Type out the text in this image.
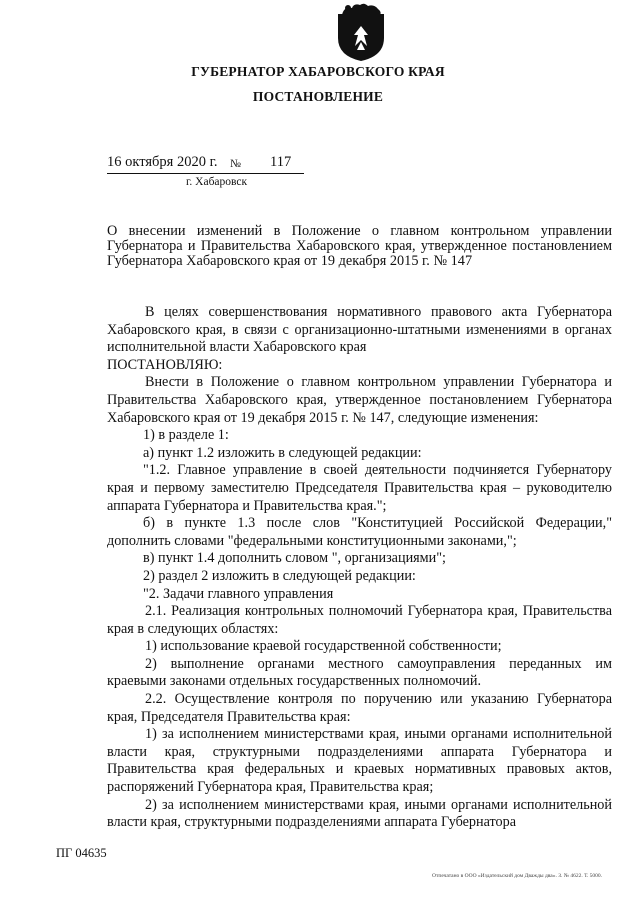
ГУБЕРНАТОР ХАБАРОВСКОГО КРАЯ
ПОСТАНОВЛЕНИЕ
16 октября 2020 г. № 117
г. Хабаровск
О внесении изменений в Положение о главном контрольном управлении Губернатора и Правительства Хабаровского края, утвержденное постановлением Губернатора Хабаровского края от 19 декабря 2015 г. № 147

В целях совершенствования нормативного правового акта Губернатора Хабаровского края, в связи с организационно-штатными изменениями в органах исполнительной власти Хабаровского края

ПОСТАНОВЛЯЮ:

Внести в Положение о главном контрольном управлении Губернатора и Правительства Хабаровского края, утвержденное постановлением Губернатора Хабаровского края от 19 декабря 2015 г. № 147, следующие изменения:

1) в разделе 1:

а) пункт 1.2 изложить в следующей редакции:

"1.2. Главное управление в своей деятельности подчиняется Губернатору края и первому заместителю Председателя Правительства края – руководителю аппарата Губернатора и Правительства края.";

б) в пункте 1.3 после слов "Конституцией Российской Федерации," дополнить словами "федеральными конституционными законами,";

в) пункт 1.4 дополнить словом ", организациями";

2) раздел 2 изложить в следующей редакции:

"2. Задачи главного управления

2.1. Реализация контрольных полномочий Губернатора края, Правительства края в следующих областях:

1) использование краевой государственной собственности;

2) выполнение органами местного самоуправления переданных им краевыми законами отдельных государственных полномочий.

2.2. Осуществление контроля по поручению или указанию Губернатора края, Председателя Правительства края:

1) за исполнением министерствами края, иными органами исполнительной власти края, структурными подразделениями аппарата Губернатора и Правительства края федеральных и краевых нормативных правовых актов, распоряжений Губернатора края, Правительства края;

2) за исполнением министерствами края, иными органами исполнительной власти края, структурными подразделениями аппарата Губернатора

ПГ 04635
Отпечатано в ООО «Издательский дом Дважды два». З. № 4622. Т. 5000.
